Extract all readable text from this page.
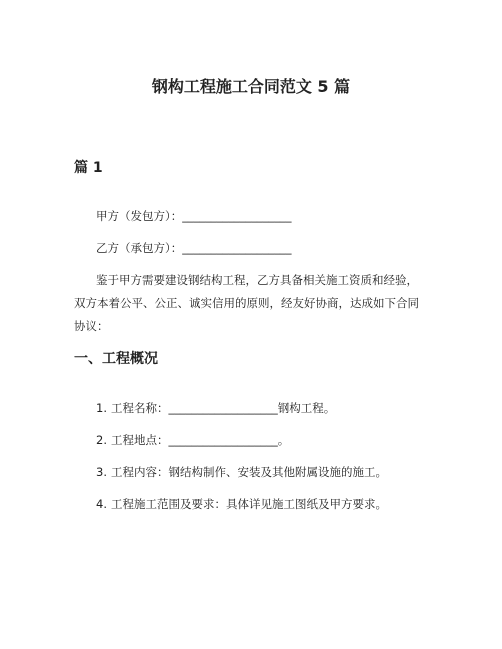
钢构工程施工合同范文 5 篇
篇 1
甲方（发包方）：___________________
乙方（承包方）：___________________
鉴于甲方需要建设钢结构工程，乙方具备相关施工资质和经验，
双方本着公平、公正、诚实信用的原则，经友好协商，达成如下合同
协议：
一、工程概况
1. 工程名称：___________________钢构工程。
2. 工程地点：___________________。
3. 工程内容：钢结构制作、安装及其他附属设施的施工。
4. 工程施工范围及要求：具体详见施工图纸及甲方要求。
